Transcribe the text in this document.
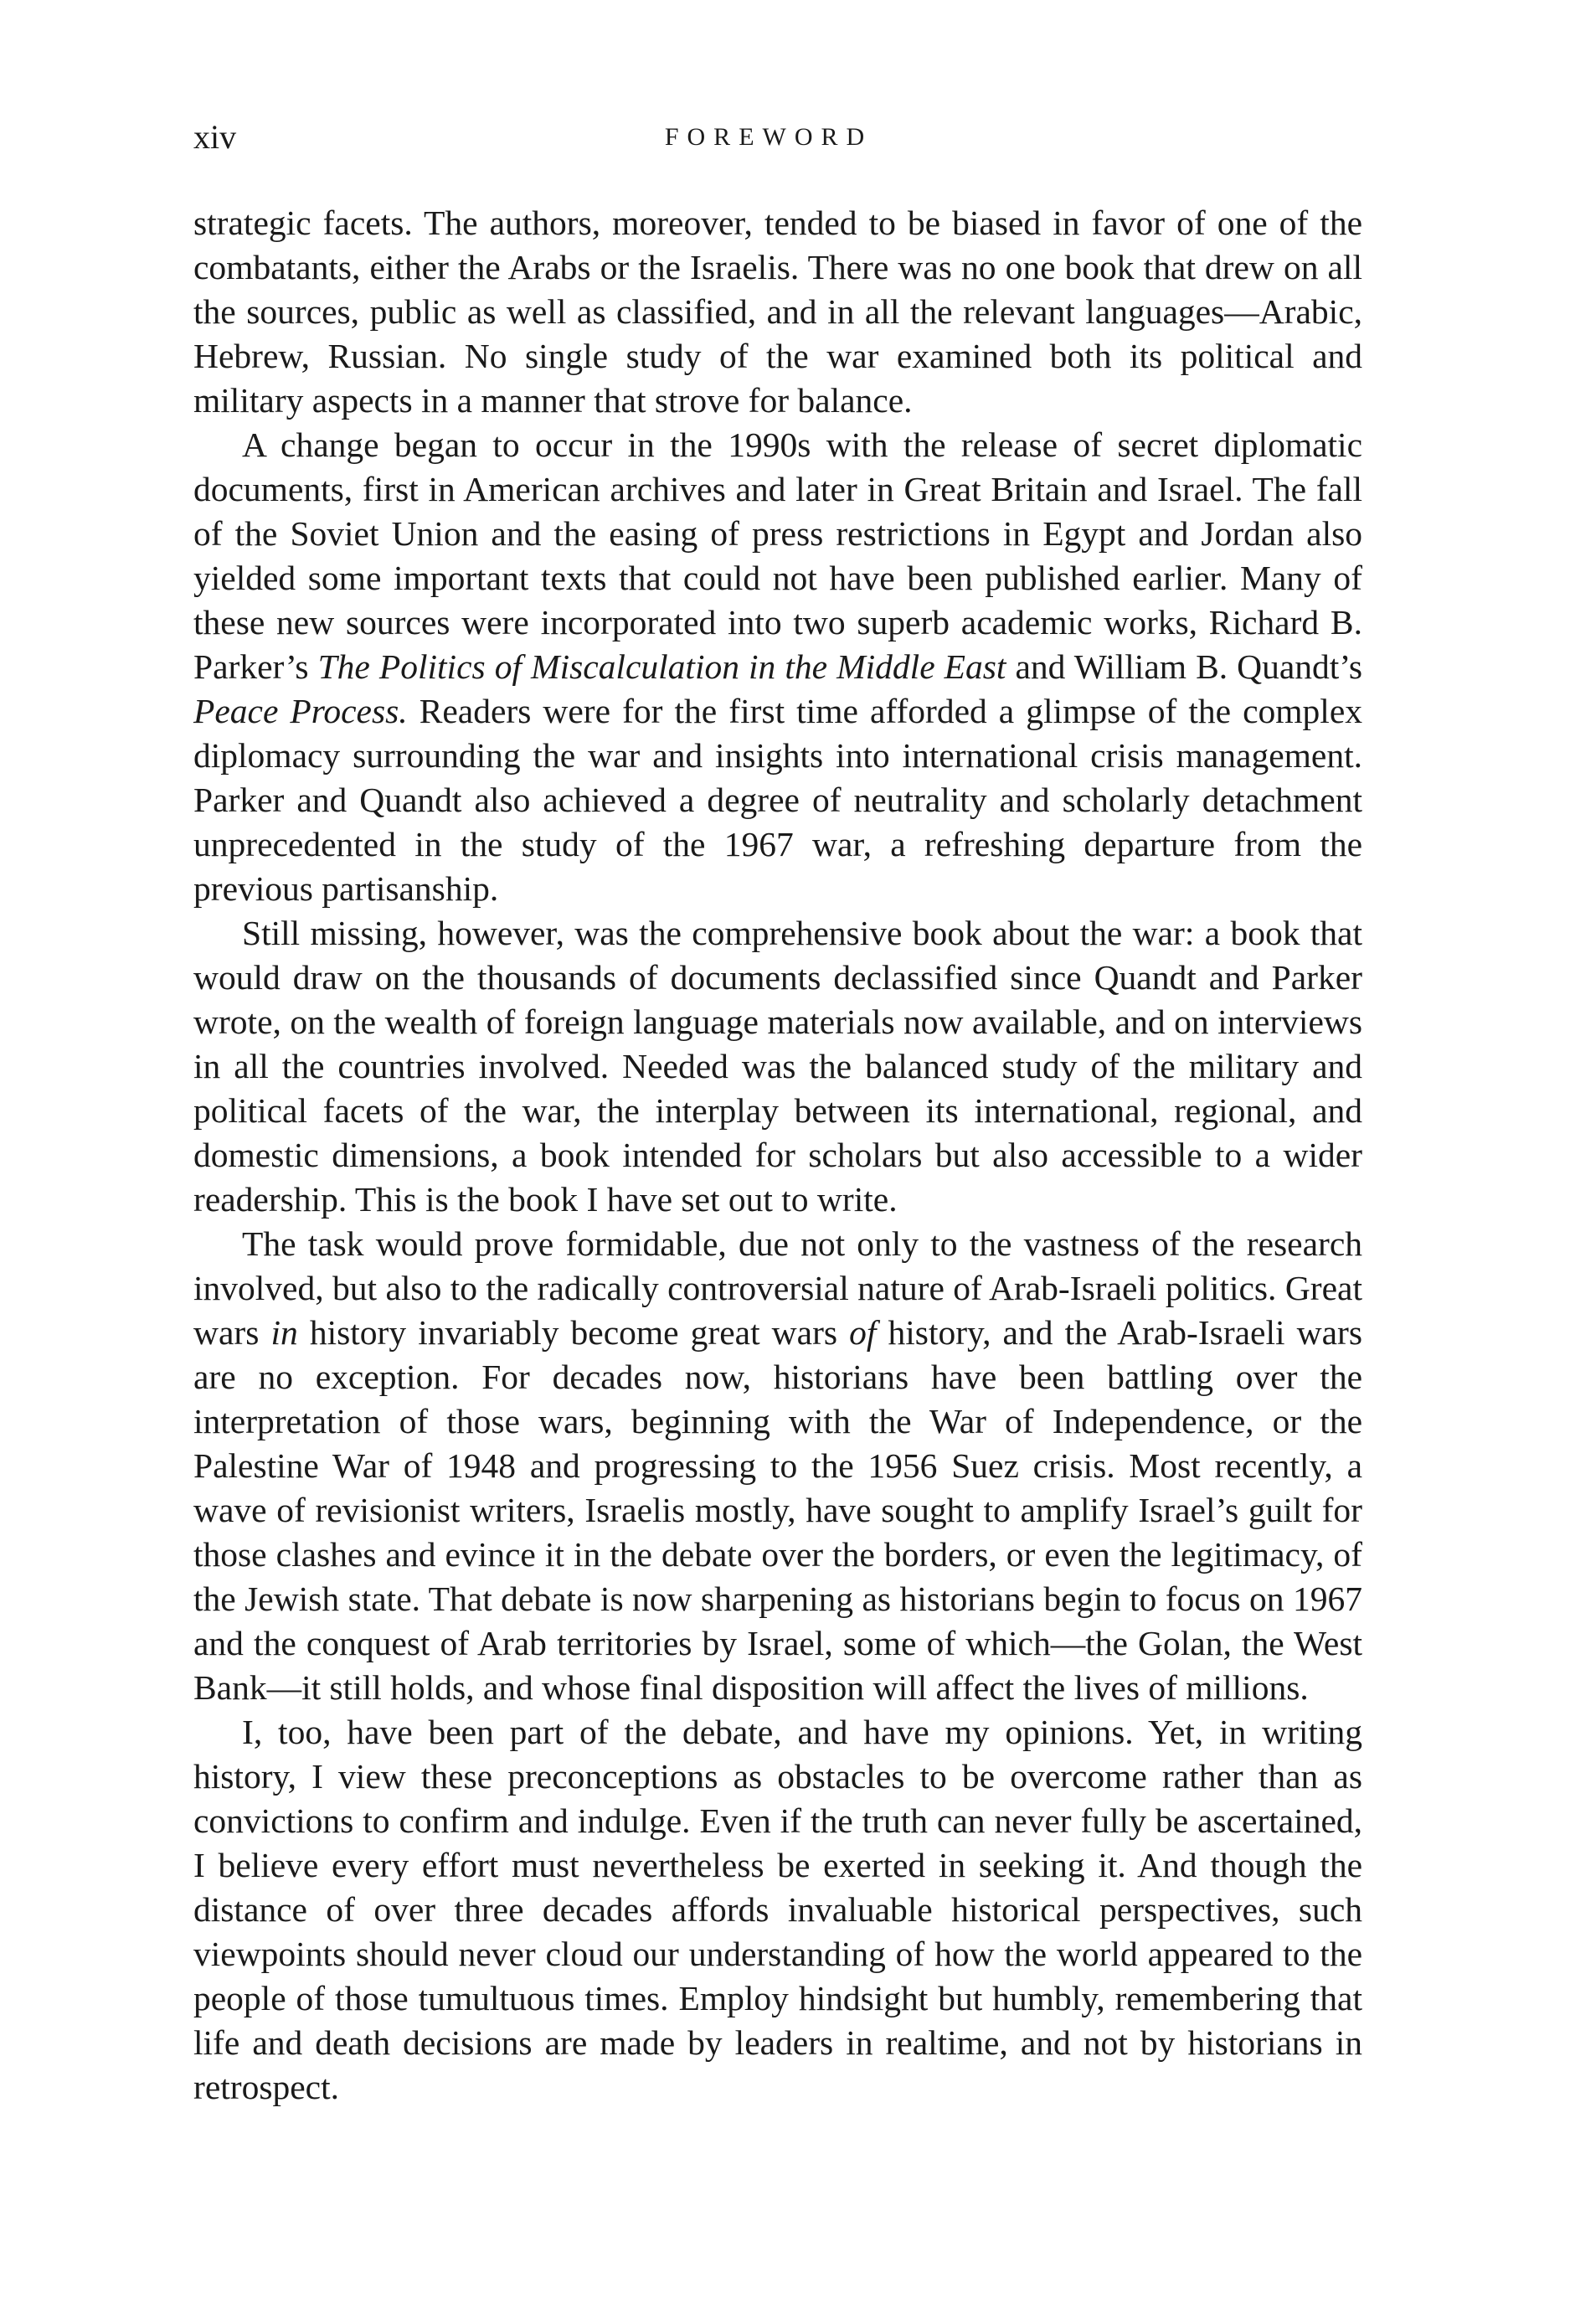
xiv	FOREWORD

strategic facets. The authors, moreover, tended to be biased in favor of one of the combatants, either the Arabs or the Israelis. There was no one book that drew on all the sources, public as well as classified, and in all the relevant languages—Arabic, Hebrew, Russian. No single study of the war examined both its political and military aspects in a manner that strove for balance.

A change began to occur in the 1990s with the release of secret diplomatic documents, first in American archives and later in Great Britain and Israel. The fall of the Soviet Union and the easing of press restrictions in Egypt and Jordan also yielded some important texts that could not have been published earlier. Many of these new sources were incorporated into two superb academic works, Richard B. Parker’s The Politics of Miscalculation in the Middle East and William B. Quandt’s Peace Process. Readers were for the first time afforded a glimpse of the complex diplomacy surrounding the war and insights into international crisis management. Parker and Quandt also achieved a degree of neutrality and scholarly detachment unprecedented in the study of the 1967 war, a refreshing departure from the previous partisanship.

Still missing, however, was the comprehensive book about the war: a book that would draw on the thousands of documents declassified since Quandt and Parker wrote, on the wealth of foreign language materials now available, and on interviews in all the countries involved. Needed was the balanced study of the military and political facets of the war, the interplay between its international, regional, and domestic dimensions, a book intended for scholars but also accessible to a wider readership. This is the book I have set out to write.

The task would prove formidable, due not only to the vastness of the research involved, but also to the radically controversial nature of Arab-Israeli politics. Great wars in history invariably become great wars of history, and the Arab-Israeli wars are no exception. For decades now, historians have been battling over the interpretation of those wars, beginning with the War of Independence, or the Palestine War of 1948 and progressing to the 1956 Suez crisis. Most recently, a wave of revisionist writers, Israelis mostly, have sought to amplify Israel’s guilt for those clashes and evince it in the debate over the borders, or even the legitimacy, of the Jewish state. That debate is now sharpening as historians begin to focus on 1967 and the conquest of Arab territories by Israel, some of which—the Golan, the West Bank—it still holds, and whose final disposition will affect the lives of millions.

I, too, have been part of the debate, and have my opinions. Yet, in writing history, I view these preconceptions as obstacles to be overcome rather than as convictions to confirm and indulge. Even if the truth can never fully be ascertained, I believe every effort must nevertheless be exerted in seeking it. And though the distance of over three decades affords invaluable historical perspectives, such viewpoints should never cloud our understanding of how the world appeared to the people of those tumultuous times. Employ hindsight but humbly, remembering that life and death decisions are made by leaders in realtime, and not by historians in retrospect.
